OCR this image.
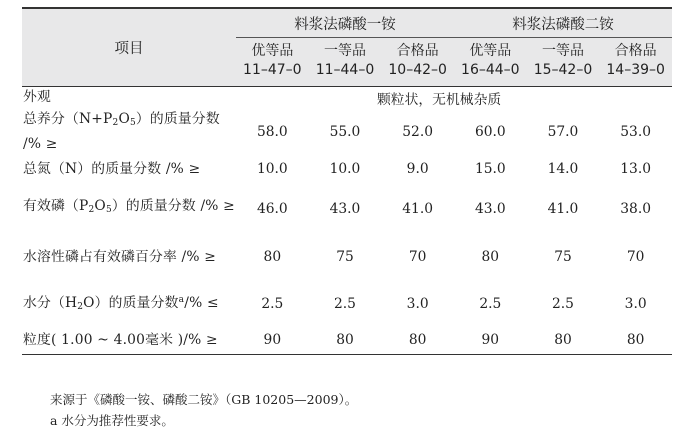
项目	料浆法磷酸一铵			料浆法磷酸二铵		
	优等品	一等品	合格品	优等品	一等品	合格品
	11–47–0	11–44–0	10–42–0	16–44–0	15–42–0	14–39–0
外观	颗粒状，无机械杂质					
总养分$(N+P_2O_5)$的质量分数 /% ≥	58.0	55.0	52.0	60.0	57.0	53.0
总氮（N）的质量分数 /% ≥	10.0	10.0	9.0	15.0	14.0	13.0
有效磷$(P_2O_5)$的质量分数 /% ≥	46.0	43.0	41.0	43.0	41.0	38.0
水溶性磷占有效磷百分率 /% ≥	80	75	70	80	75	70
水分$(H_2O)$的质量分数$^a$/% ≤	2.5	2.5	3.0	2.5	2.5	3.0
粒度( 1.00 ~ 4.00毫米 )/% ≥	90	80	80	90	80	80
来源于《磷酸一铵、磷酸二铵》（GB 10205—2009）。
a 水分为推荐性要求。
